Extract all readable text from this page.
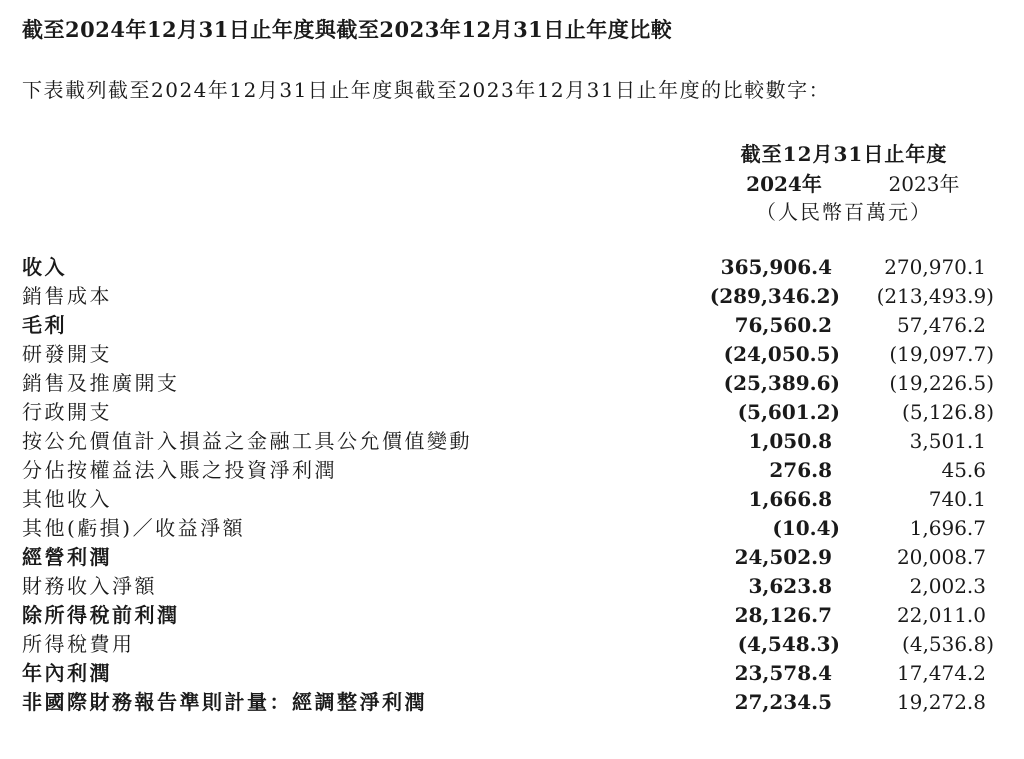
截至2024年12月31日止年度與截至2023年12月31日止年度比較
下表載列截至2024年12月31日止年度與截至2023年12月31日止年度的比較數字：
截至12月31日止年度
2024年	2023年
（人民幣百萬元）
收入	365,906.4	270,970.1
銷售成本	(289,346.2) (213,493.9)
毛利	76,560.2	57,476.2
研發開支	(24,050.5) (19,097.7)
銷售及推廣開支	(25,389.6) (19,226.5)
行政開支	(5,601.2)	(5,126.8)
按公允價值計入損益之金融工具公允價值變動	1,050.8	3,501.1
分佔按權益法入賬之投資淨利潤	276.8	45.6
其他收入	1,666.8	740.1
其他(虧損)／收益淨額	(10.4)	1,696.7
經營利潤	24,502.9	20,008.7
財務收入淨額	3,623.8	2,002.3
除所得稅前利潤	28,126.7	22,011.0
所得稅費用	(4,548.3)	(4,536.8)
年內利潤	23,578.4	17,474.2
非國際財務報告準則計量：經調整淨利潤	27,234.5	19,272.8
